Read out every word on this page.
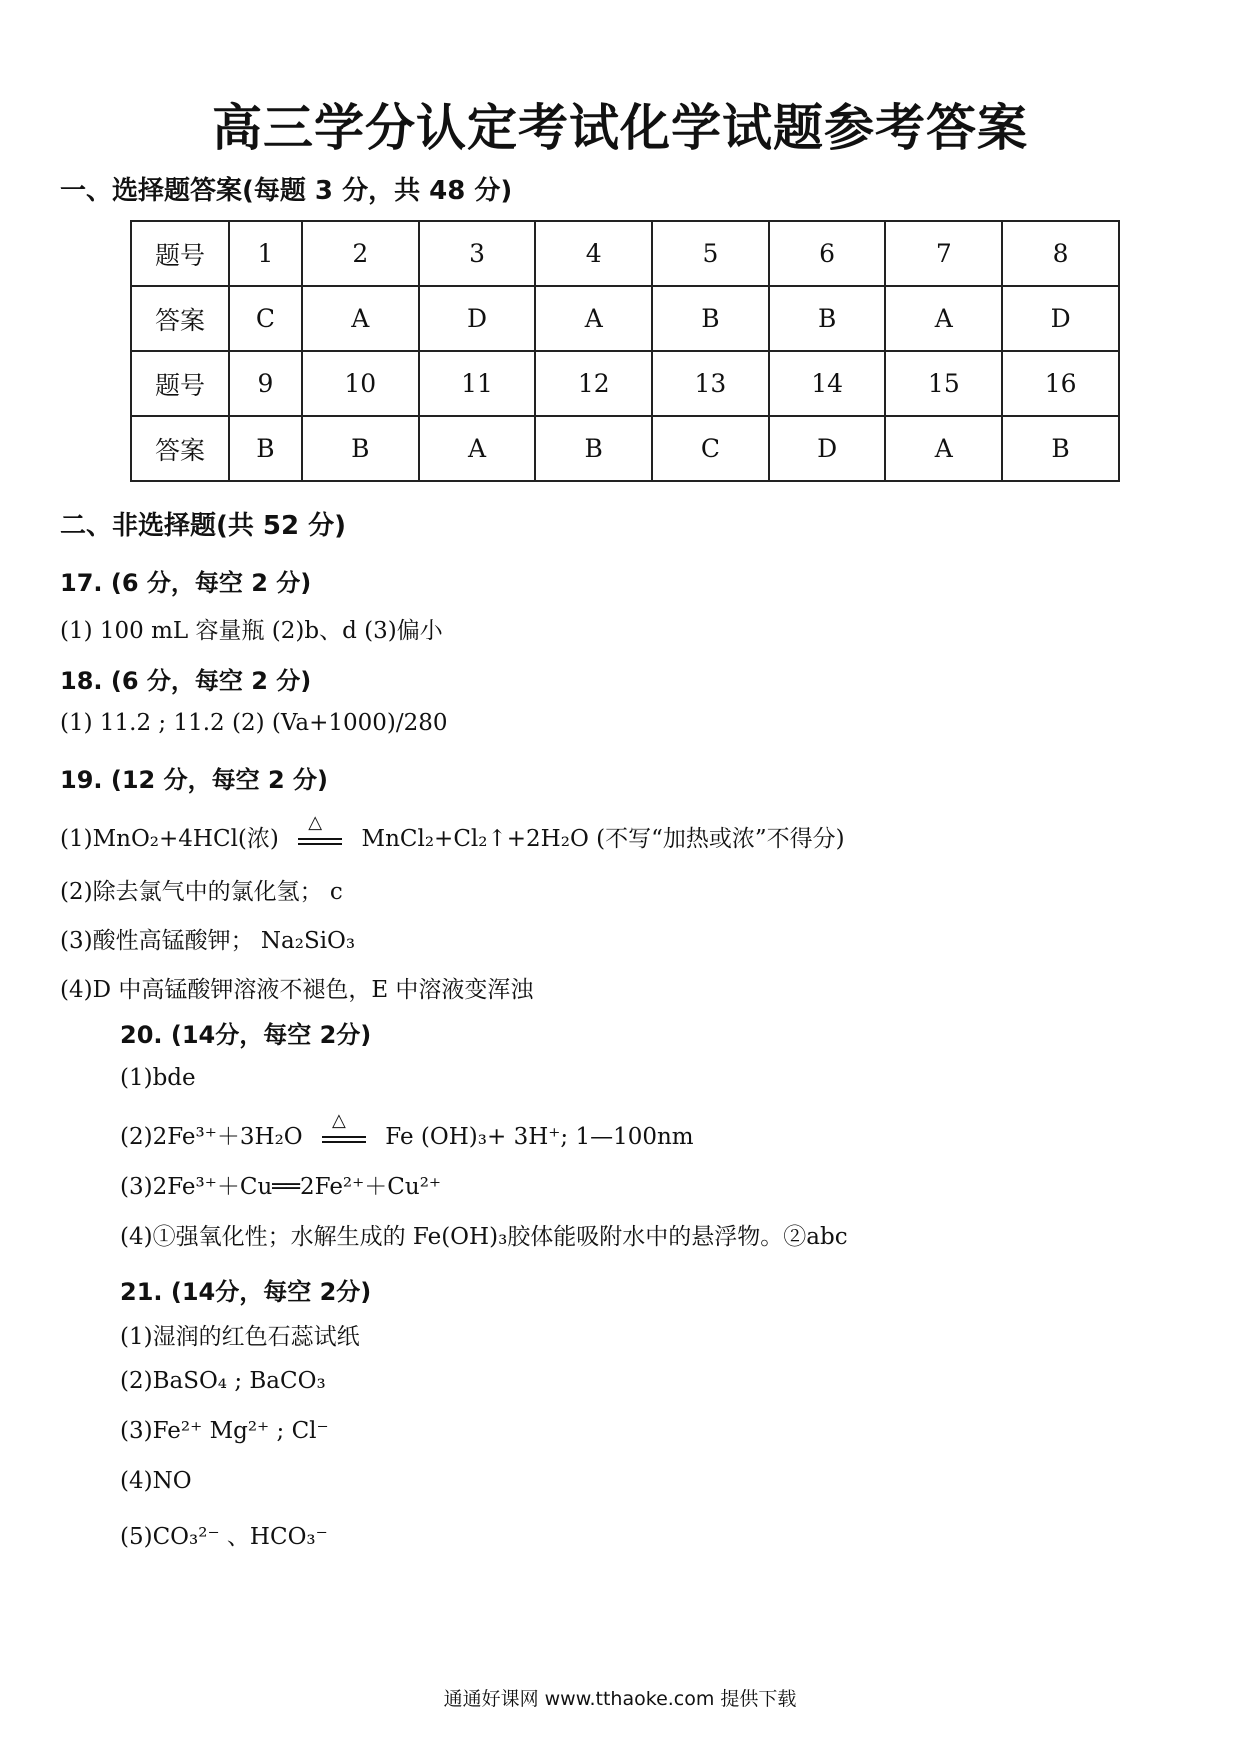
高三学分认定考试化学试题参考答案
一、选择题答案(每题 3 分，共 48 分)
题号	1	2	3	4	5	6	7	8
答案	C	A	D	A	B	B	A	D
题号	9	10	11	12	13	14	15	16
答案	B	B	A	B	C	D	A	B
二、非选择题(共 52 分)
17. (6 分，每空 2 分)
(1) 100 mL 容量瓶 (2)b、d (3)偏小
18. (6 分，每空 2 分)
(1) 11.2 ; 11.2 (2) (Va+1000)/280
19. (12 分，每空 2 分)
(1)MnO₂+4HCl(浓)
△
MnCl₂+Cl₂↑+2H₂O (不写“加热或浓”不得分)
(2)除去氯气中的氯化氢； c
(3)酸性高锰酸钾； Na₂SiO₃
(4)D 中高锰酸钾溶液不褪色，E 中溶液变浑浊
20. (14分，每空 2分)
(1)bde
(2)2Fe³⁺＋3H₂O
△
Fe (OH)₃+ 3H⁺; 1—100nm
(3)2Fe³⁺＋Cu══2Fe²⁺＋Cu²⁺
(4)①强氧化性；水解生成的 Fe(OH)₃胶体能吸附水中的悬浮物。②abc
21. (14分，每空 2分)
(1)湿润的红色石蕊试纸
(2)BaSO₄ ; BaCO₃
(3)Fe²⁺ Mg²⁺ ; Cl⁻
(4)NO
(5)CO₃²⁻ 、HCO₃⁻
通通好课网 www.tthaoke.com 提供下载
